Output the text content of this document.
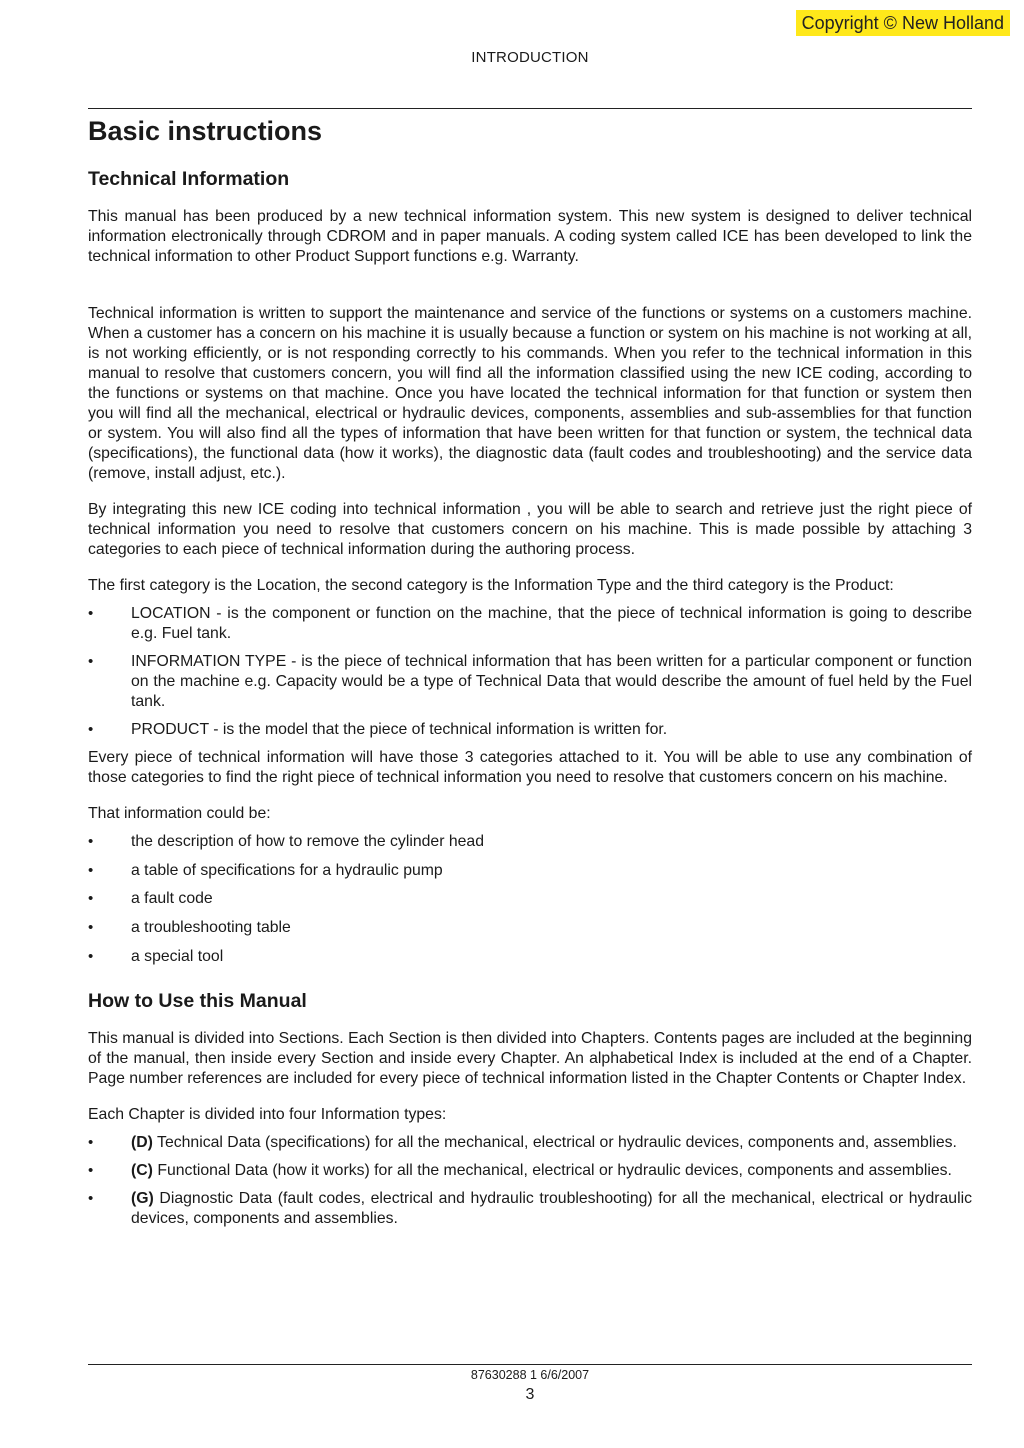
Copyright © New Holland
INTRODUCTION
Basic instructions
Technical Information

This manual has been produced by a new technical information system. This new system is designed to deliver technical information electronically through CDROM and in paper manuals. A coding system called ICE has been developed to link the technical information to other Product Support functions e.g. Warranty.

Technical information is written to support the maintenance and service of the functions or systems on a customers machine. When a customer has a concern on his machine it is usually because a function or system on his machine is not working at all, is not working efficiently, or is not responding correctly to his commands. When you refer to the technical information in this manual to resolve that customers concern, you will find all the information classified using the new ICE coding, according to the functions or systems on that machine. Once you have located the technical information for that function or system then you will find all the mechanical, electrical or hydraulic devices, components, assemblies and sub-assemblies for that function or system. You will also find all the types of information that have been written for that function or system, the technical data (specifications), the functional data (how it works), the diagnostic data (fault codes and troubleshooting) and the service data (remove, install adjust, etc.).

By integrating this new ICE coding into technical information , you will be able to search and retrieve just the right piece of technical information you need to resolve that customers concern on his machine. This is made possible by attaching 3 categories to each piece of technical information during the authoring process.

The first category is the Location, the second category is the Information Type and the third category is the Product:

• LOCATION - is the component or function on the machine, that the piece of technical information is going to describe e.g. Fuel tank.
• INFORMATION TYPE - is the piece of technical information that has been written for a particular component or function on the machine e.g. Capacity would be a type of Technical Data that would describe the amount of fuel held by the Fuel tank.
• PRODUCT - is the model that the piece of technical information is written for.

Every piece of technical information will have those 3 categories attached to it. You will be able to use any combination of those categories to find the right piece of technical information you need to resolve that customers concern on his machine.

That information could be:

• the description of how to remove the cylinder head
• a table of specifications for a hydraulic pump
• a fault code
• a troubleshooting table
• a special tool
How to Use this Manual

This manual is divided into Sections. Each Section is then divided into Chapters. Contents pages are included at the beginning of the manual, then inside every Section and inside every Chapter. An alphabetical Index is included at the end of a Chapter. Page number references are included for every piece of technical information listed in the Chapter Contents or Chapter Index.

Each Chapter is divided into four Information types:

• (D) Technical Data (specifications) for all the mechanical, electrical or hydraulic devices, components and, assemblies.
• (C) Functional Data (how it works) for all the mechanical, electrical or hydraulic devices, components and assemblies.
• (G) Diagnostic Data (fault codes, electrical and hydraulic troubleshooting) for all the mechanical, electrical or hydraulic devices, components and assemblies.
87630288 1 6/6/2007
3
